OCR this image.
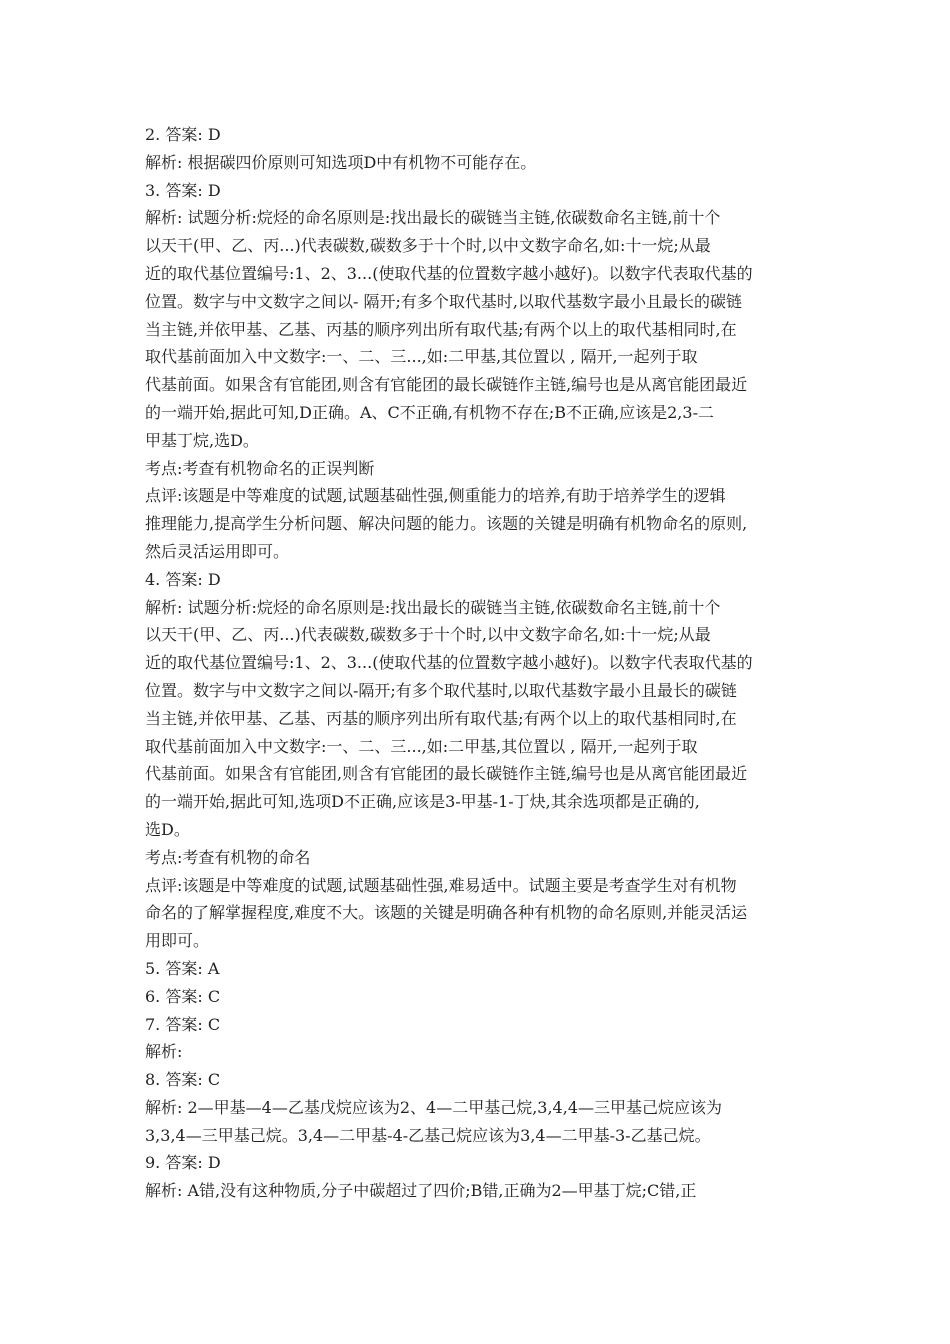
2. 答案: D
解析: 根据碳四价原则可知选项D中有机物不可能存在。
3. 答案: D
解析: 试题分析:烷烃的命名原则是:找出最长的碳链当主链,依碳数命名主链,前十个
以天干(甲、乙、丙...)代表碳数,碳数多于十个时,以中文数字命名,如:十一烷;从最
近的取代基位置编号:1、2、3...(使取代基的位置数字越小越好)。以数字代表取代基的
位置。数字与中文数字之间以- 隔开;有多个取代基时,以取代基数字最小且最长的碳链
当主链,并依甲基、乙基、丙基的顺序列出所有取代基;有两个以上的取代基相同时,在
取代基前面加入中文数字:一、二、三...,如:二甲基,其位置以 , 隔开,一起列于取
代基前面。如果含有官能团,则含有官能团的最长碳链作主链,编号也是从离官能团最近
的一端开始,据此可知,D正确。A、C不正确,有机物不存在;B不正确,应该是2,3-二
甲基丁烷,选D。
考点:考查有机物命名的正误判断
点评:该题是中等难度的试题,试题基础性强,侧重能力的培养,有助于培养学生的逻辑
推理能力,提高学生分析问题、解决问题的能力。该题的关键是明确有机物命名的原则,
然后灵活运用即可。
4. 答案: D
解析: 试题分析:烷烃的命名原则是:找出最长的碳链当主链,依碳数命名主链,前十个
以天干(甲、乙、丙...)代表碳数,碳数多于十个时,以中文数字命名,如:十一烷;从最
近的取代基位置编号:1、2、3...(使取代基的位置数字越小越好)。以数字代表取代基的
位置。数字与中文数字之间以-隔开;有多个取代基时,以取代基数字最小且最长的碳链
当主链,并依甲基、乙基、丙基的顺序列出所有取代基;有两个以上的取代基相同时,在
取代基前面加入中文数字:一、二、三...,如:二甲基,其位置以 , 隔开,一起列于取
代基前面。如果含有官能团,则含有官能团的最长碳链作主链,编号也是从离官能团最近
的一端开始,据此可知,选项D不正确,应该是3-甲基-1-丁炔,其余选项都是正确的,
选D。
考点:考查有机物的命名
点评:该题是中等难度的试题,试题基础性强,难易适中。试题主要是考查学生对有机物
命名的了解掌握程度,难度不大。该题的关键是明确各种有机物的命名原则,并能灵活运
用即可。
5. 答案: A
6. 答案: C
7. 答案: C
解析:
8. 答案: C
解析: 2—甲基—4—乙基戊烷应该为2、4—二甲基己烷,3,4,4—三甲基己烷应该为
3,3,4—三甲基己烷。3,4—二甲基-4-乙基己烷应该为3,4—二甲基-3-乙基己烷。
9. 答案: D
解析: A错,没有这种物质,分子中碳超过了四价;B错,正确为2—甲基丁烷;C错,正
